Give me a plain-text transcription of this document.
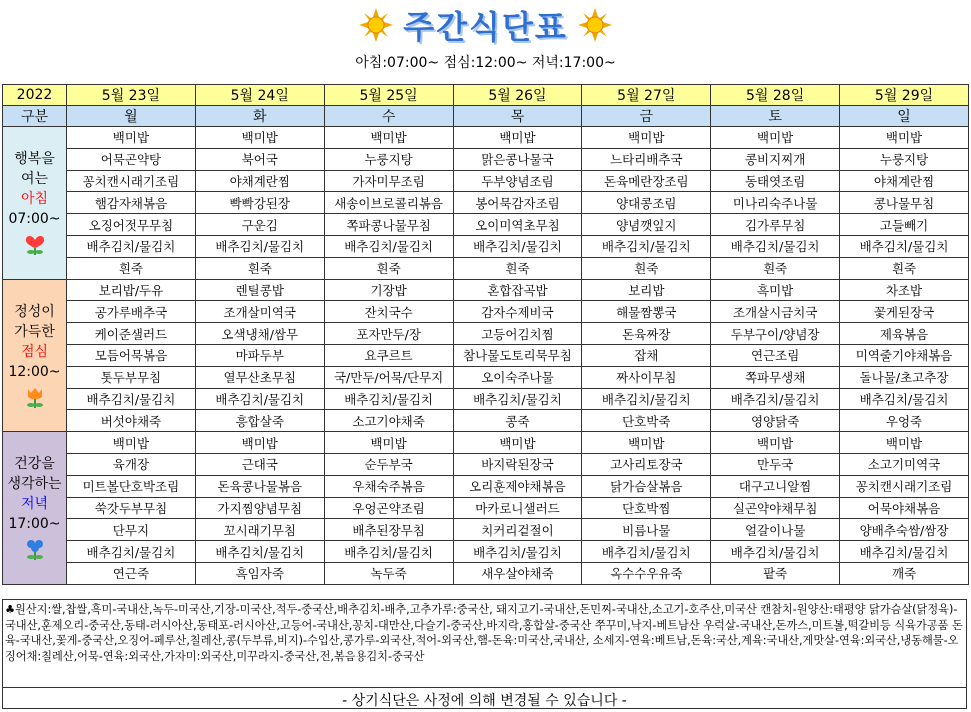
주간식단표
아침:07:00~ 점심:12:00~ 저녁:17:00~
2022	5월 23일	5월 24일	5월 25일	5월 26일	5월 27일	5월 28일	5월 29일
구분	월	화	수	목	금	토	일

행복을
여는
아침
07:00~	백미밥	백미밥	백미밥	백미밥	백미밥	백미밥	백미밥
	어묵곤약탕	북어국	누룽지탕	맑은콩나물국	느타리배추국	콩비지찌개	누룽지탕
	꽁치캔시래기조림	야채계란찜	가자미무조림	두부양념조림	돈육메란장조림	동태엿조림	야채계란찜
	햄감자채볶음	빡빡강된장	새송이브로콜리볶음	봉어묵감자조림	양대콩조림	미나리숙주나물	콩나물무침
	오징어젓무무침	구운김	쪽파콩나물무침	오이미역초무침	양념깻잎지	김가루무침	고들빼기
	배추김치/물김치	배추김치/물김치	배추김치/물김치	배추김치/물김치	배추김치/물김치	배추김치/물김치	배추김치/물김치
	흰죽	흰죽	흰죽	흰죽	흰죽	흰죽	흰죽

정성이
가득한
점심
12:00~	보리밥/두유	렌틸콩밥	기장밥	혼합잡곡밥	보리밥	흑미밥	차조밥
	공가루배추국	조개살미역국	잔치국수	감자수제비국	해물짬뽕국	조개살시금치국	꽃게된장국
	케이준샐러드	오색냉채/쌈무	포자만두/장	고등어김치찜	돈육짜장	두부구이/양념장	제육볶음
	모듬어묵볶음	마파두부	요쿠르트	참나물도토리묵무침	잡채	연근조림	미역줄기야채볶음
	톳두부무침	열무산초무침	국/만두/어묵/단무지	오이숙주나물	짜사이무침	쪽파무생채	돌나물/초고추장
	배추김치/물김치	배추김치/물김치	배추김치/물김치	배추김치/물김치	배추김치/물김치	배추김치/물김치	배추김치/물김치
	버섯야채죽	흥합살죽	소고기야채죽	콩죽	단호박죽	영양닭죽	우엉죽

건강을
생각하는
저녁
17:00~	백미밥	백미밥	백미밥	백미밥	백미밥	백미밥	백미밥
	육개장	근대국	순두부국	바지락된장국	고사리토장국	만두국	소고기미역국
	미트볼단호박조림	돈육콩나물볶음	우채숙주볶음	오리훈제야채볶음	닭가슴살볶음	대구고니알찜	꽁치캔시래기조림
	쑥갓두부무침	가지찜양념무침	우엉곤약조림	마카로니샐러드	단호박찜	실곤약야채무침	어묵야채볶음
	단무지	꼬시래기무침	배추된장무침	치커리겉절이	비름나물	얼갈이나물	양배추숙쌈/쌈장
	배추김치/물김치	배추김치/물김치	배추김치/물김치	배추김치/물김치	배추김치/물김치	배추김치/물김치	배추김치/물김치
	연근죽	흑임자죽	녹두죽	새우살야채죽	옥수수우유죽	팥죽	깨죽
♣원산지:쌀,찹쌀,흑미-국내산,녹두-미국산,기장-미국산,적두-중국산,배추김치-배추,고추가루:중국산, 돼지고기-국내산,돈민찌-국내산,소고기-호주산,미국산 캔참치-원양산:태평양 닭가슴살(닭정육)-국내산,훈제오리-중국산,동태-러시아산,동태포-러시아산,고등어-국내산,꽁치-대만산,다슬기-중국산,바지락,홍합살-중국산 쭈꾸미,낙지-베트남산 우럭살-국내산,돈까스,미트볼,떡갈비등 식육가공품 돈육-국내산,꽃게-중국산,오징어-페루산,칠레산,콩(두부류,비지)-수입산,콩가루-외국산,적어-외국산,햄-돈육:미국산,국내산, 소세지-연육:베트남,돈육:국산,계육:국내산,게맛살-연육:외국산,냉동해물-오징어채:칠레산,어묵-연육:외국산,가자미:외국산,미꾸라지-중국산,전,볶음용김치-중국산
- 상기식단은 사정에 의해 변경될 수 있습니다 -
